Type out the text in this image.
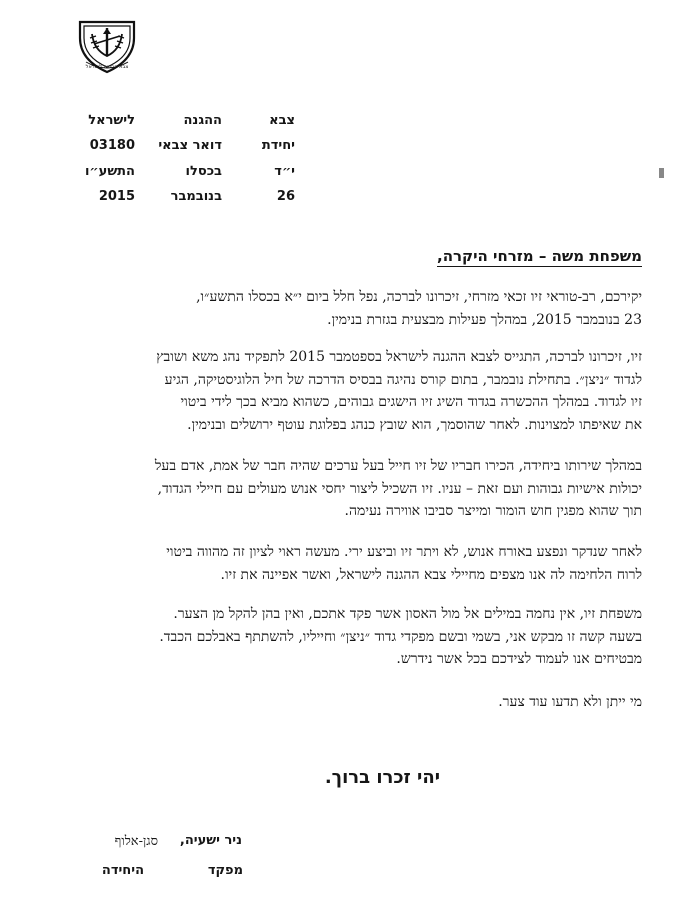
צבא ההגנה לישראל
צבא
ההגנה
לישראל
יחידת
דואר צבאי
03180
י״ד
בכסלו
התשע״ו
26
בנובמבר
2015
משפחת משה – מזרחי היקרה,

יקירכם, רב-טוראי זיו זכאי מזרחי, זיכרונו לברכה, נפל חלל ביום י״א בכסלו התשע״ו,
23 בנובמבר 2015, במהלך פעילות מבצעית בגזרת בנימין.

זיו, זיכרונו לברכה, התגייס לצבא ההגנה לישראל בספטמבר 2015 לתפקיד נהג משא ושובץ
לגדוד ״ניצן״. בתחילת נובמבר, בתום קורס נהיגה בבסיס הדרכה של חיל הלוגיסטיקה, הגיע
זיו לגדוד. במהלך ההכשרה בגדוד השיג זיו הישגים גבוהים, כשהוא מביא בכך לידי ביטוי
את שאיפתו למצוינות. לאחר שהוסמך, הוא שובץ כנהג בפלוגת עוטף ירושלים ובנימין.

במהלך שירותו ביחידה, הכירו חבריו של זיו חייל בעל ערכים שהיה חבר של אמת, אדם בעל
יכולות אישיות גבוהות ועם זאת – עניו. זיו השכיל ליצור יחסי אנוש מעולים עם חיילי הגדוד,
תוך שהוא מפגין חוש הומור ומייצר סביבו אווירה נעימה.

לאחר שנדקר ונפצע באורח אנוש, לא ויתר זיו וביצע ירי. מעשה ראוי לציון זה מהווה ביטוי
לרוח הלחימה לה אנו מצפים מחיילי צבא ההגנה לישראל, ואשר אפיינה את זיו.

משפחת זיו, אין נחמה במילים אל מול האסון אשר פקד אתכם, ואין בהן להקל מן הצער.
בשעה קשה זו מבקש אני, בשמי ובשם מפקדי גדוד ״ניצן״ וחייליו, להשתתף באבלכם הכבד.
מבטיחים אנו לעמוד לצידכם בכל אשר נידרש.

מי ייתן ולא תדעו עוד צער.

יהי זכרו ברוך.
ניר ישעיה,
סגן-אלוף
מפקד
היחידה
